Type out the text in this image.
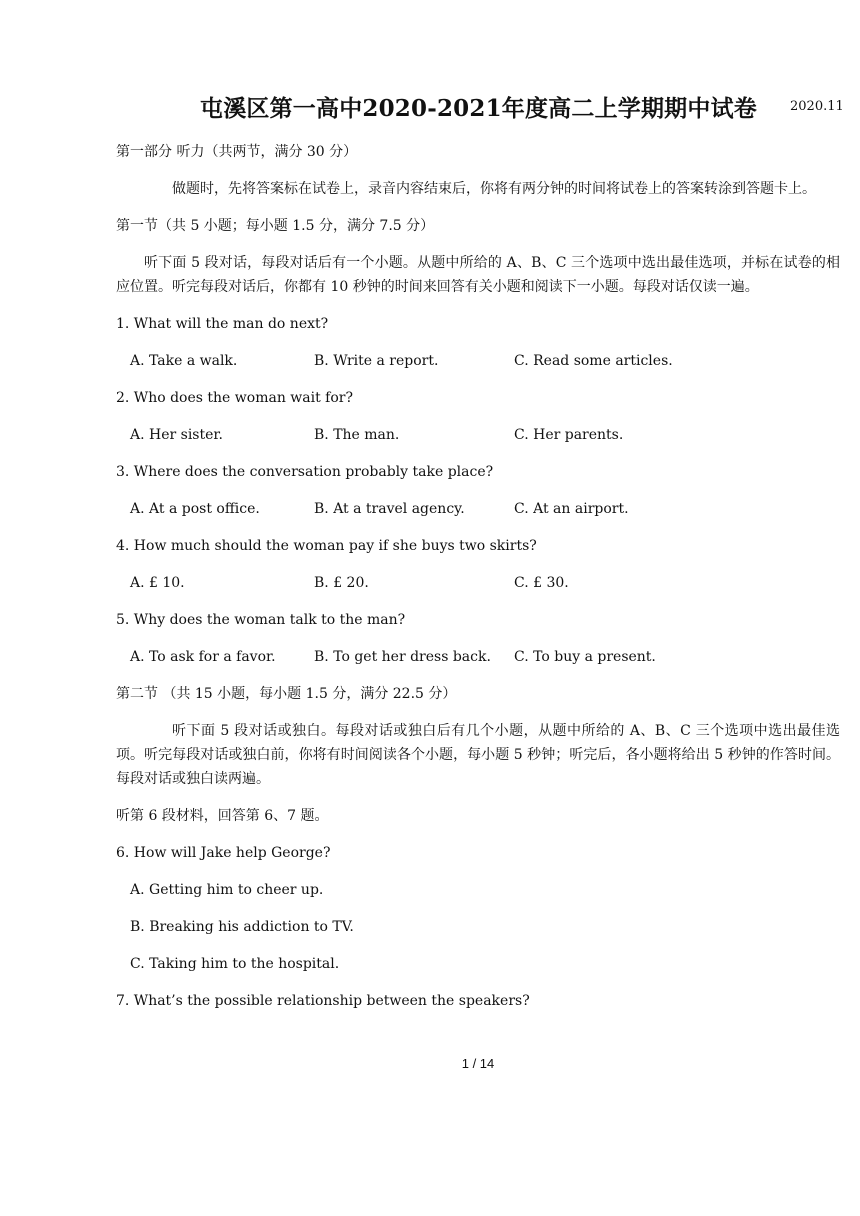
屯溪区第一高中2020-2021年度高二上学期期中试卷	2020.11
第一部分 听力（共两节，满分 30 分）
做题时，先将答案标在试卷上，录音内容结束后，你将有两分钟的时间将试卷上的答案转涂到答题卡上。
第一节（共 5 小题；每小题 1.5 分，满分 7.5 分）
听下面 5 段对话，每段对话后有一个小题。从题中所给的 A、B、C 三个选项中选出最佳选项，并标在试卷的相应位置。听完每段对话后，你都有 10 秒钟的时间来回答有关小题和阅读下一小题。每段对话仅读一遍。
1. What will the man do next?
A. Take a walk.	B. Write a report.	C. Read some articles.
2. Who does the woman wait for?
A. Her sister.	B. The man.	C. Her parents.
3. Where does the conversation probably take place?
A. At a post office.	B. At a travel agency.	C. At an airport.
4. How much should the woman pay if she buys two skirts?
A. £ 10.	B. £ 20.	C. £ 30.
5. Why does the woman talk to the man?
A. To ask for a favor.	B. To get her dress back.	C. To buy a present.
第二节 （共 15 小题，每小题 1.5 分，满分 22.5 分）
听下面 5 段对话或独白。每段对话或独白后有几个小题，从题中所给的 A、B、C 三个选项中选出最佳选项。听完每段对话或独白前，你将有时间阅读各个小题，每小题 5 秒钟；听完后，各小题将给出 5 秒钟的作答时间。每段对话或独白读两遍。
听第 6 段材料，回答第 6、7 题。
6. How will Jake help George?
A. Getting him to cheer up.
B. Breaking his addiction to TV.
C. Taking him to the hospital.
7. What’s the possible relationship between the speakers?
1 / 14
